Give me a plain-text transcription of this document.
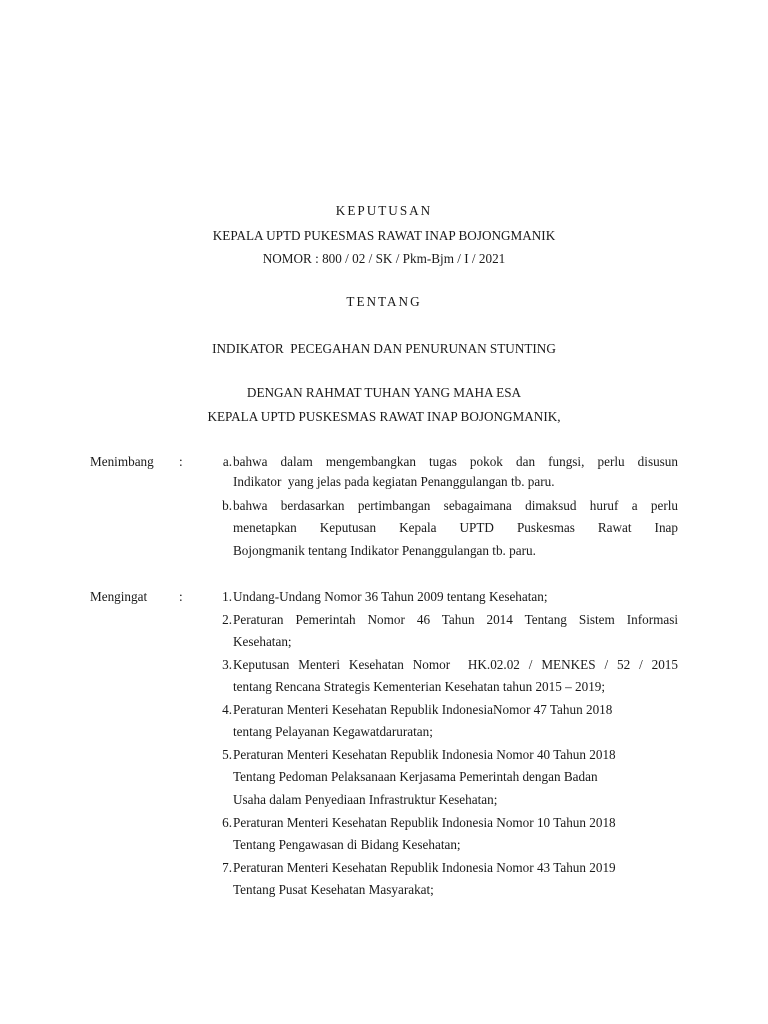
KEPUTUSAN
KEPALA UPTD PUKESMAS RAWAT INAP BOJONGMANIK
NOMOR : 800 / 02 / SK / Pkm-Bjm / I / 2021
TENTANG
INDIKATOR  PECEGAHAN DAN PENURUNAN STUNTING
DENGAN RAHMAT TUHAN YANG MAHA ESA
KEPALA UPTD PUSKESMAS RAWAT INAP BOJONGMANIK,
Menimbang :	a. bahwa dalam mengembangkan tugas pokok dan fungsi, perlu disusun
Indikator  yang jelas pada kegiatan Penanggulangan tb. paru.
b. bahwa berdasarkan pertimbangan sebagaimana dimaksud huruf a perlu
menetapkan Keputusan Kepala UPTD Puskesmas Rawat Inap
Bojongmanik tentang Indikator Penanggulangan tb. paru.
Mengingat :	1. Undang-Undang Nomor 36 Tahun 2009 tentang Kesehatan;
2. Peraturan Pemerintah Nomor 46 Tahun 2014 Tentang Sistem Informasi
Kesehatan;
3. Keputusan Menteri Kesehatan Nomor  HK.02.02 / MENKES / 52 / 2015
tentang Rencana Strategis Kementerian Kesehatan tahun 2015 – 2019;
4. Peraturan Menteri Kesehatan Republik IndonesiaNomor 47 Tahun 2018
tentang Pelayanan Kegawatdaruratan;
5. Peraturan Menteri Kesehatan Republik Indonesia Nomor 40 Tahun 2018
Tentang Pedoman Pelaksanaan Kerjasama Pemerintah dengan Badan
Usaha dalam Penyediaan Infrastruktur Kesehatan;
6. Peraturan Menteri Kesehatan Republik Indonesia Nomor 10 Tahun 2018
Tentang Pengawasan di Bidang Kesehatan;
7. Peraturan Menteri Kesehatan Republik Indonesia Nomor 43 Tahun 2019
Tentang Pusat Kesehatan Masyarakat;
